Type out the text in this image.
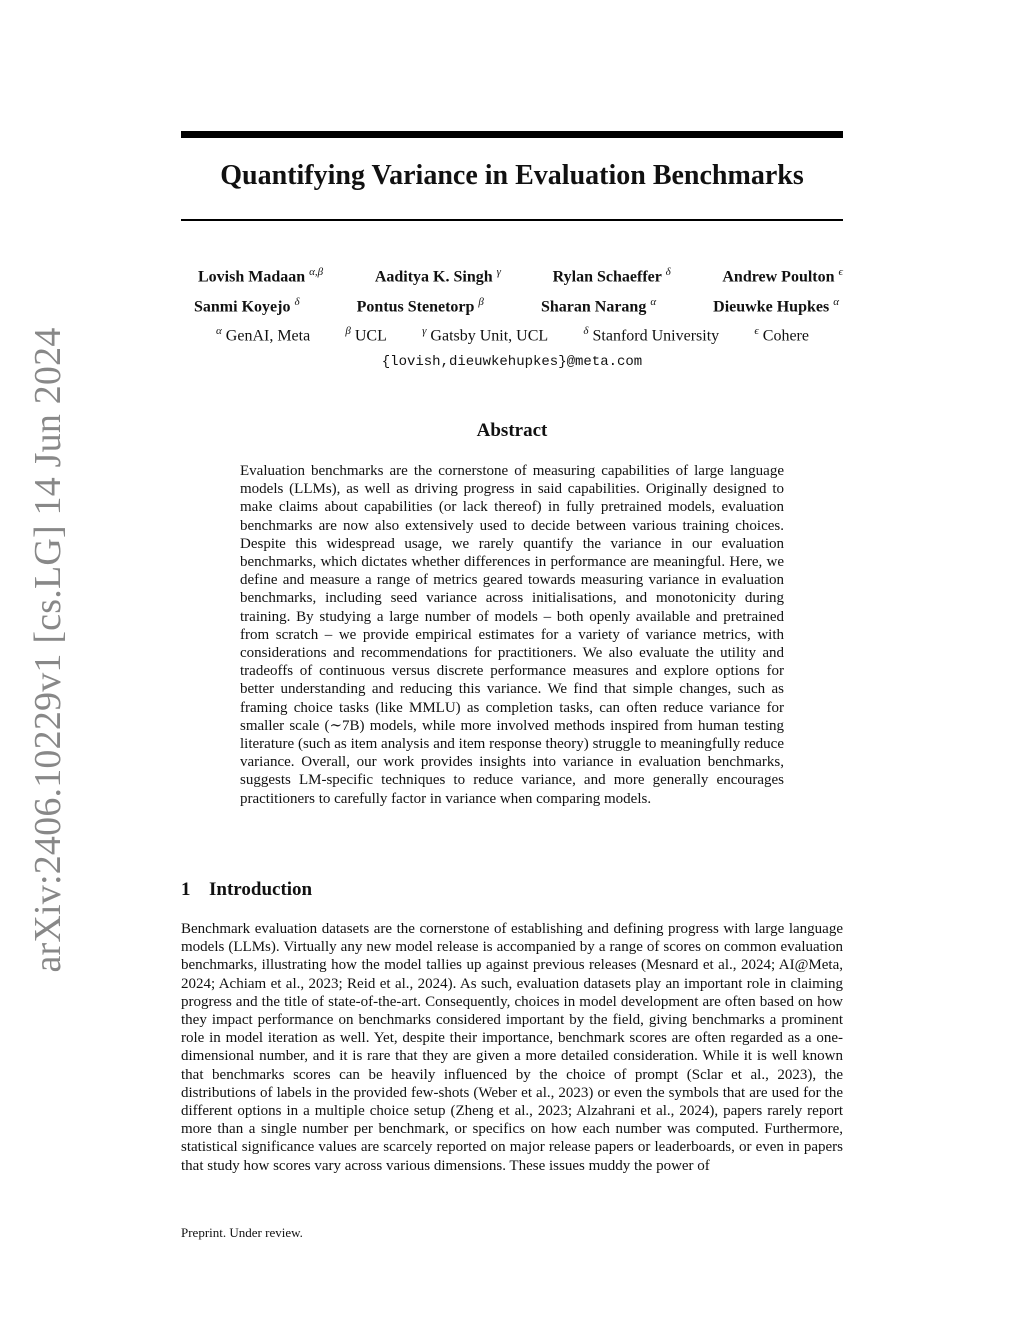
arXiv:2406.10229v1 [cs.LG] 14 Jun 2024
Quantifying Variance in Evaluation Benchmarks
Lovish Madaan $^{\alpha,\beta}$	Aaditya K. Singh $^\gamma$	Rylan Schaeffer $^\delta$	Andrew Poulton $^\epsilon$
Sanmi Koyejo $^\delta$	Pontus Stenetorp $^\beta$	Sharan Narang $^\alpha$	Dieuwke Hupkes $^\alpha$
$^\alpha$ GenAI, Meta	$^\beta$ UCL	$^\gamma$ Gatsby Unit, UCL	$^\delta$ Stanford University	$^\epsilon$ Cohere
{lovish,dieuwkehupkes}@meta.com
Abstract

Evaluation benchmarks are the cornerstone of measuring capabilities of large language models (LLMs), as well as driving progress in said capabilities. Originally designed to make claims about capabilities (or lack thereof) in fully pretrained models, evaluation benchmarks are now also extensively used to decide between various training choices. Despite this widespread usage, we rarely quantify the variance in our evaluation benchmarks, which dictates whether differences in performance are meaningful. Here, we define and measure a range of metrics geared towards measuring variance in evaluation benchmarks, including seed variance across initialisations, and monotonicity during training. By studying a large number of models – both openly available and pretrained from scratch – we provide empirical estimates for a variety of variance metrics, with considerations and recommendations for practitioners. We also evaluate the utility and tradeoffs of continuous versus discrete performance measures and explore options for better understanding and reducing this variance. We find that simple changes, such as framing choice tasks (like MMLU) as completion tasks, can often reduce variance for smaller scale (∼7B) models, while more involved methods inspired from human testing literature (such as item analysis and item response theory) struggle to meaningfully reduce variance. Overall, our work provides insights into variance in evaluation benchmarks, suggests LM-specific techniques to reduce variance, and more generally encourages practitioners to carefully factor in variance when comparing models.

1 Introduction

Benchmark evaluation datasets are the cornerstone of establishing and defining progress with large language models (LLMs). Virtually any new model release is accompanied by a range of scores on common evaluation benchmarks, illustrating how the model tallies up against previous releases (Mesnard et al., 2024; AI@Meta, 2024; Achiam et al., 2023; Reid et al., 2024). As such, evaluation datasets play an important role in claiming progress and the title of state-of-the-art. Consequently, choices in model development are often based on how they impact performance on benchmarks considered important by the field, giving benchmarks a prominent role in model iteration as well. Yet, despite their importance, benchmark scores are often regarded as a one-dimensional number, and it is rare that they are given a more detailed consideration. While it is well known that benchmarks scores can be heavily influenced by the choice of prompt (Sclar et al., 2023), the distributions of labels in the provided few-shots (Weber et al., 2023) or even the symbols that are used for the different options in a multiple choice setup (Zheng et al., 2023; Alzahrani et al., 2024), papers rarely report more than a single number per benchmark, or specifics on how each number was computed. Furthermore, statistical significance values are scarcely reported on major release papers or leaderboards, or even in papers that study how scores vary across various dimensions. These issues muddy the power of

Preprint. Under review.
